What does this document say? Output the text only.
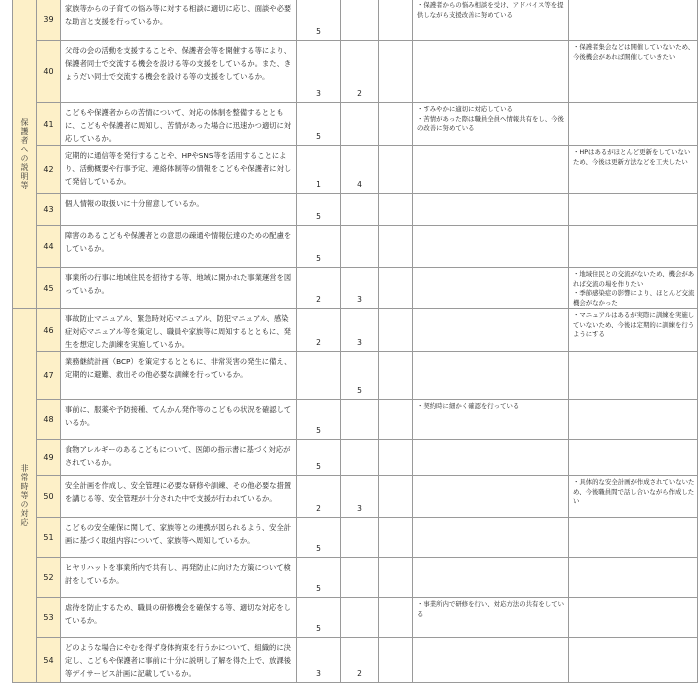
保護者への説明等	39	家族等からの子育ての悩み等に対する相談に適切に応じ、面談や必要な助言と支援を行っているか。	5			・保護者からの悩み相談を受け、アドバイス等を提供しながら支援改善に努めている	

	40	父母の会の活動を支援することや、保護者会等を開催する等により、保護者同士で交流する機会を設ける等の支援をしているか。また、きょうだい同士で交流する機会を設ける等の支援をしているか。	3	2			・保護者集会などは開催していないため、今後機会があれば開催していきたい

	41	こどもや保護者からの苦情について、対応の体制を整備するとともに、こどもや保護者に周知し、苦情があった場合に迅速かつ適切に対応しているか。	5			・すみやかに適切に対応している
・苦情があった際は職員全員へ情報共有をし、今後の改善に努めている	

	42	定期的に通信等を発行することや、HPやSNS等を活用することにより、活動概要や行事予定、連絡体制等の情報をこどもや保護者に対して発信しているか。	1	4			・HPはあるがほとんど更新をしていないため、今後は更新方法などを工夫したい

	43	個人情報の取扱いに十分留意しているか。	5				
	44	障害のあるこどもや保護者との意思の疎通や情報伝達のための配慮をしているか。	5				
	45	事業所の行事に地域住民を招待する等、地域に開かれた事業運営を図っているか。	2	3			・地域住民との交流がないため、機会があれば交流の場を作りたい
・季節感染症の影響により、ほとんど交流機会がなかった

非常時等の対応	46	事故防止マニュアル、緊急時対応マニュアル、防犯マニュアル、感染症対応マニュアル等を策定し、職員や家族等に周知するとともに、発生を想定した訓練を実施しているか。	2	3			・マニュアルはあるが実際に訓練を実施していないため、今後は定期的に訓練を行うようにする

	47	業務継続計画（BCP）を策定するとともに、非常災害の発生に備え、定期的に避難、救出その他必要な訓練を行っているか。		5			
	48	事前に、服薬や予防接種、てんかん発作等のこどもの状況を確認しているか。	5			・契約時に細かく確認を行っている	

	49	食物アレルギーのあるこどもについて、医師の指示書に基づく対応がされているか。	5				
	50	安全計画を作成し、安全管理に必要な研修や訓練、その他必要な措置を講じる等、安全管理が十分された中で支援が行われているか。	2	3			・具体的な安全計画が作成されていないため、今後職員間で話し合いながら作成したい

	51	こどもの安全確保に関して、家族等との連携が図られるよう、安全計画に基づく取組内容について、家族等へ周知しているか。	5				
	52	ヒヤリハットを事業所内で共有し、再発防止に向けた方策について検討をしているか。	5				
	53	虐待を防止するため、職員の研修機会を確保する等、適切な対応をしているか。	5			・事業所内で研修を行い、対応方法の共有をしている	

	54	どのような場合にやむを得ず身体拘束を行うかについて、組織的に決定し、こどもや保護者に事前に十分に説明し了解を得た上で、放課後等デイサービス計画に記載しているか。	3	2			
